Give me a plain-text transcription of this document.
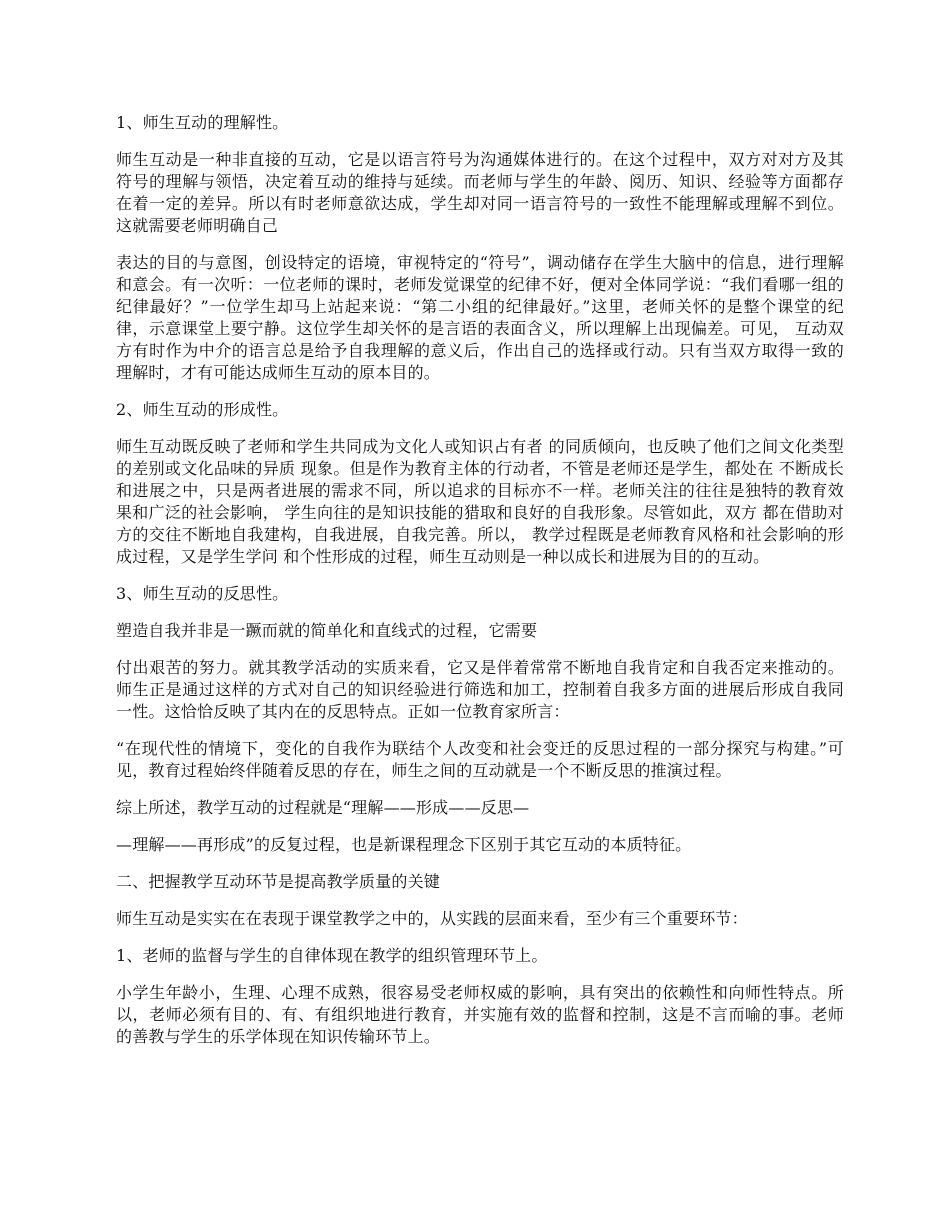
1、师生互动的理解性。

师生互动是一种非直接的互动，它是以语言符号为沟通媒体进行的。在这个过程中，双方对对方及其符号的理解与领悟，决定着互动的维持与延续。而老师与学生的年龄、阅历、知识、经验等方面都存在着一定的差异。所以有时老师意欲达成，学生却对同一语言符号的一致性不能理解或理解不到位。这就需要老师明确自己

表达的目的与意图，创设特定的语境，审视特定的“符号”，调动储存在学生大脑中的信息，进行理解和意会。有一次听：一位老师的课时，老师发觉课堂的纪律不好，便对全体同学说：“我们看哪一组的纪律最好？”一位学生却马上站起来说：“第二小组的纪律最好。”这里，老师关怀的是整个课堂的纪律，示意课堂上要宁静。这位学生却关怀的是言语的表面含义，所以理解上出现偏差。可见， 互动双方有时作为中介的语言总是给予自我理解的意义后，作出自己的选择或行动。只有当双方取得一致的理解时，才有可能达成师生互动的原本目的。

2、师生互动的形成性。

师生互动既反映了老师和学生共同成为文化人或知识占有者 的同质倾向，也反映了他们之间文化类型的差别或文化品味的异质 现象。但是作为教育主体的行动者，不管是老师还是学生，都处在 不断成长和进展之中，只是两者进展的需求不同，所以追求的目标亦不一样。老师关注的往往是独特的教育效果和广泛的社会影响， 学生向往的是知识技能的猎取和良好的自我形象。尽管如此，双方 都在借助对方的交往不断地自我建构，自我进展，自我完善。所以， 教学过程既是老师教育风格和社会影响的形成过程，又是学生学问 和个性形成的过程，师生互动则是一种以成长和进展为目的的互动。

3、师生互动的反思性。

塑造自我并非是一蹶而就的简单化和直线式的过程，它需要

付出艰苦的努力。就其教学活动的实质来看，它又是伴着常常不断地自我肯定和自我否定来推动的。师生正是通过这样的方式对自己的知识经验进行筛选和加工，控制着自我多方面的进展后形成自我同一性。这恰恰反映了其内在的反思特点。正如一位教育家所言：

“在现代性的情境下，变化的自我作为联结个人改变和社会变迁的反思过程的一部分探究与构建。”可见，教育过程始终伴随着反思的存在，师生之间的互动就是一个不断反思的推演过程。

综上所述，教学互动的过程就是“理解——形成——反思—

—理解——再形成”的反复过程，也是新课程理念下区别于其它互动的本质特征。

二、把握教学互动环节是提高教学质量的关键

师生互动是实实在在表现于课堂教学之中的，从实践的层面来看，至少有三个重要环节：

1、老师的监督与学生的自律体现在教学的组织管理环节上。

小学生年龄小，生理、心理不成熟，很容易受老师权威的影响，具有突出的依赖性和向师性特点。所以，老师必须有目的、有、有组织地进行教育，并实施有效的监督和控制，这是不言而喻的事。老师的善教与学生的乐学体现在知识传输环节上。
